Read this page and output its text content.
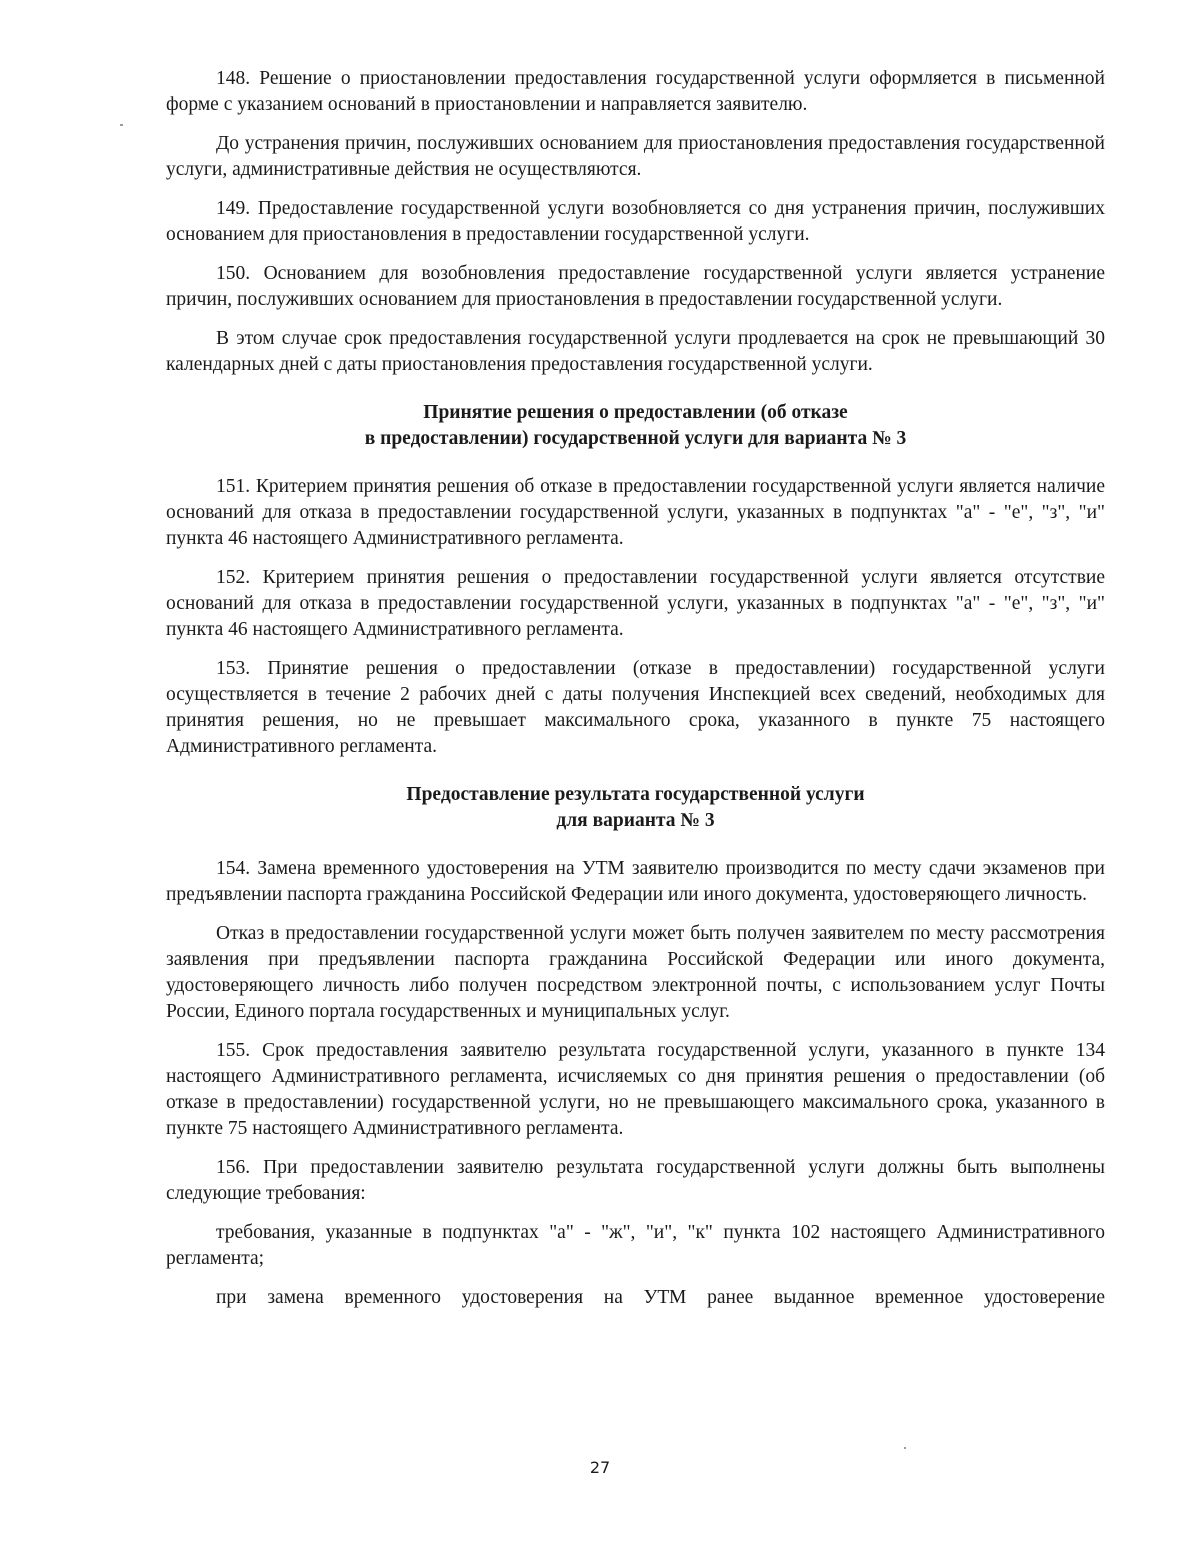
148. Решение о приостановлении предоставления государственной услуги оформляется в письменной форме с указанием оснований в приостановлении и направляется заявителю.

До устранения причин, послуживших основанием для приостановления предоставления государственной услуги, административные действия не осуществляются.

149. Предоставление государственной услуги возобновляется со дня устранения причин, послуживших основанием для приостановления в предоставлении государственной услуги.

150. Основанием для возобновления предоставление государственной услуги является устранение причин, послуживших основанием для приостановления в предоставлении государственной услуги.

В этом случае срок предоставления государственной услуги продлевается на срок не превышающий 30 календарных дней с даты приостановления предоставления государственной услуги.

Принятие решения о предоставлении (об отказе
в предоставлении) государственной услуги для варианта № 3

151. Критерием принятия решения об отказе в предоставлении государственной услуги является наличие оснований для отказа в предоставлении государственной услуги, указанных в подпунктах "а" - "е", "з", "и" пункта 46 настоящего Административного регламента.

152. Критерием принятия решения о предоставлении государственной услуги является отсутствие оснований для отказа в предоставлении государственной услуги, указанных в подпунктах "а" - "е", "з", "и" пункта 46 настоящего Административного регламента.

153. Принятие решения о предоставлении (отказе в предоставлении) государственной услуги осуществляется в течение 2 рабочих дней с даты получения Инспекцией всех сведений, необходимых для принятия решения, но не превышает максимального срока, указанного в пункте 75 настоящего Административного регламента.

Предоставление результата государственной услуги
для варианта № 3

154. Замена временного удостоверения на УТМ заявителю производится по месту сдачи экзаменов при предъявлении паспорта гражданина Российской Федерации или иного документа, удостоверяющего личность.

Отказ в предоставлении государственной услуги может быть получен заявителем по месту рассмотрения заявления при предъявлении паспорта гражданина Российской Федерации или иного документа, удостоверяющего личность либо получен посредством электронной почты, с использованием услуг Почты России, Единого портала государственных и муниципальных услуг.

155. Срок предоставления заявителю результата государственной услуги, указанного в пункте 134 настоящего Административного регламента, исчисляемых со дня принятия решения о предоставлении (об отказе в предоставлении) государственной услуги, но не превышающего максимального срока, указанного в пункте 75 настоящего Административного регламента.

156. При предоставлении заявителю результата государственной услуги должны быть выполнены следующие требования:

требования, указанные в подпунктах "а" - "ж", "и", "к" пункта 102 настоящего Административного регламента;

при замена временного удостоверения на УТМ ранее выданное временное удостоверение

27
